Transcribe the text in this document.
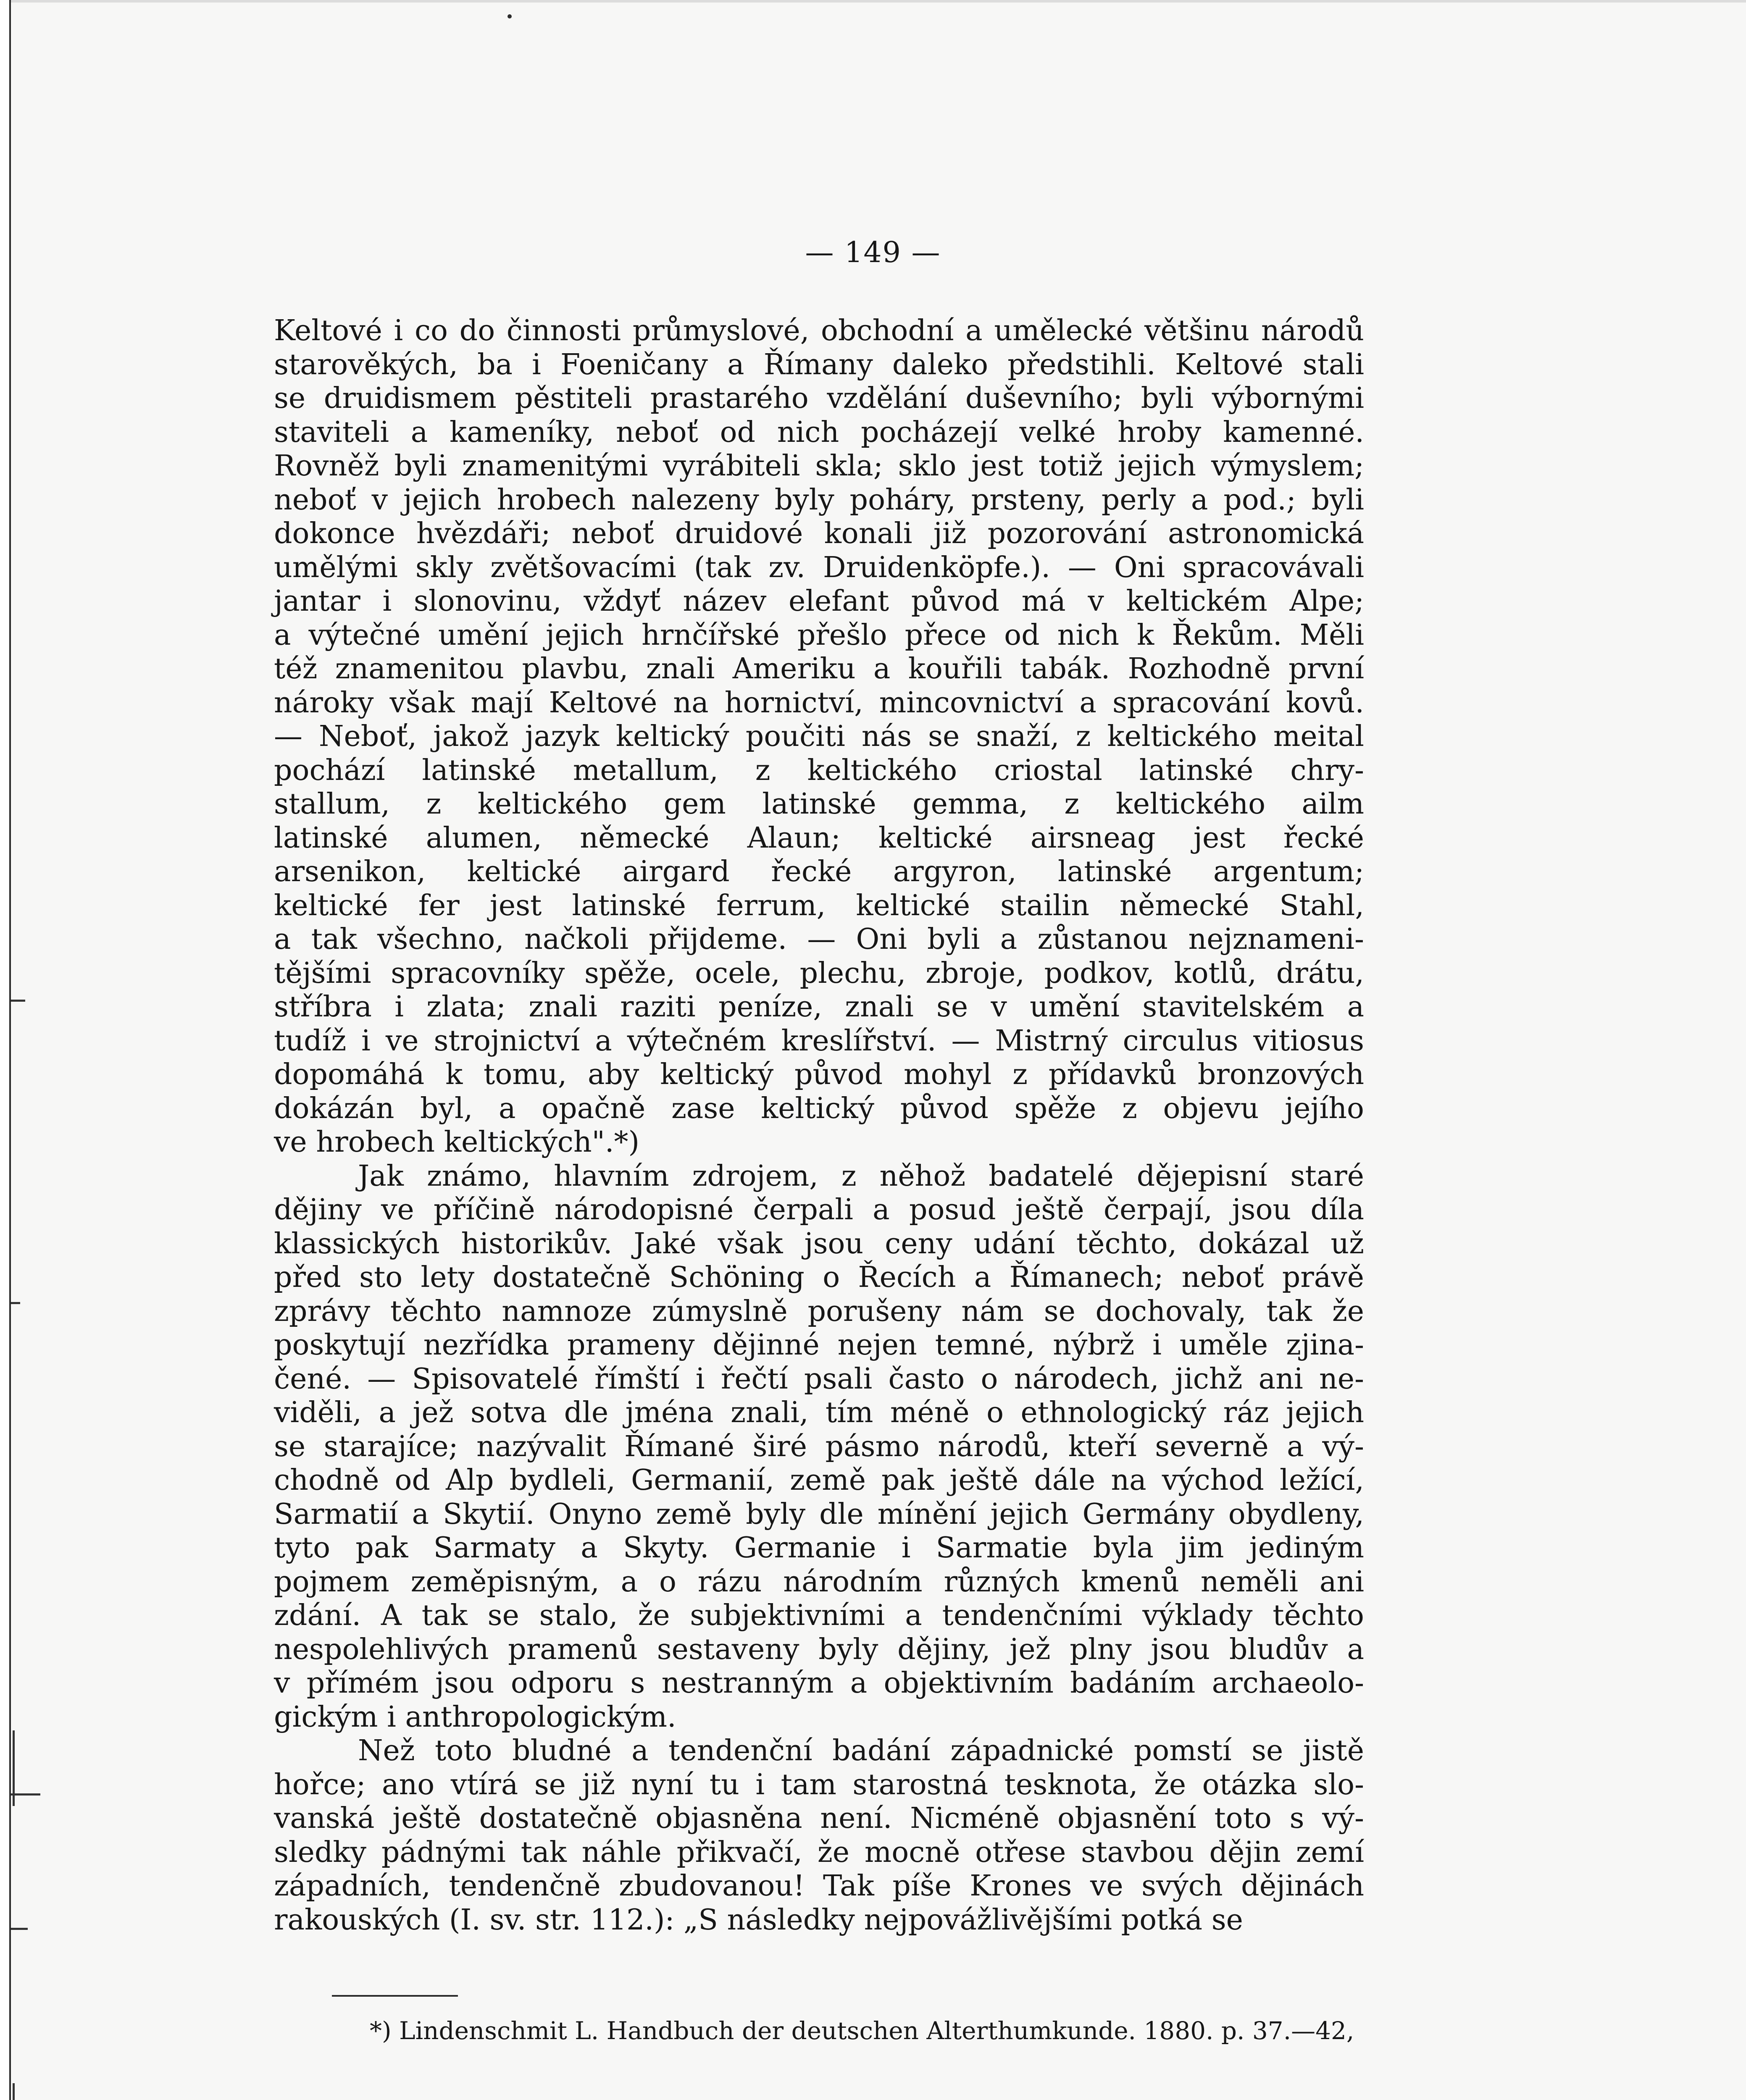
— 149 —
Keltové i co do činnosti průmyslové, obchodní a umělecké většinu národů
starověkých, ba i Foeničany a Římany daleko předstihli. Keltové stali
se druidismem pěstiteli prastarého vzdělání duševního; byli výbornými
staviteli a kameníky, neboť od nich pocházejí velké hroby kamenné.
Rovněž byli znamenitými vyrábiteli skla; sklo jest totiž jejich výmyslem;
neboť v jejich hrobech nalezeny byly poháry, prsteny, perly a pod.; byli
dokonce hvězdáři; neboť druidové konali již pozorování astronomická
umělými skly zvětšovacími (tak zv. Druidenköpfe.). — Oni spracovávali
jantar i slonovinu, vždyť název elefant původ má v keltickém Alpe;
a výtečné umění jejich hrnčířské přešlo přece od nich k Řekům. Měli
též znamenitou plavbu, znali Ameriku a kouřili tabák. Rozhodně první
nároky však mají Keltové na hornictví, mincovnictví a spracování kovů.
— Neboť, jakož jazyk keltický poučiti nás se snaží, z keltického meital
pochází latinské metallum, z keltického criostal latinské chry-
stallum, z keltického gem latinské gemma, z keltického ailm
latinské alumen, německé Alaun; keltické airsneag jest řecké
arsenikon, keltické airgard řecké argyron, latinské argentum;
keltické fer jest latinské ferrum, keltické stailin německé Stahl,
a tak všechno, načkoli přijdeme. — Oni byli a zůstanou nejznameni-
tějšími spracovníky spěže, ocele, plechu, zbroje, podkov, kotlů, drátu,
stříbra i zlata; znali raziti peníze, znali se v umění stavitelském a
tudíž i ve strojnictví a výtečném kreslířství. — Mistrný circulus vitiosus
dopomáhá k tomu, aby keltický původ mohyl z přídavků bronzových
dokázán byl, a opačně zase keltický původ spěže z objevu jejího
ve hrobech keltických".*)
Jak známo, hlavním zdrojem, z něhož badatelé dějepisní staré
dějiny ve příčině národopisné čerpali a posud ještě čerpají, jsou díla
klassických historikův. Jaké však jsou ceny udání těchto, dokázal už
před sto lety dostatečně Schöning o Řecích a Římanech; neboť právě
zprávy těchto namnoze zúmyslně porušeny nám se dochovaly, tak že
poskytují nezřídka prameny dějinné nejen temné, nýbrž i uměle zjina-
čené. — Spisovatelé římští i řečtí psali často o národech, jichž ani ne-
viděli, a jež sotva dle jména znali, tím méně o ethnologický ráz jejich
se starajíce; nazývalit Římané širé pásmo národů, kteří severně a vý-
chodně od Alp bydleli, Germanií, země pak ještě dále na východ ležící,
Sarmatií a Skytií. Onyno země byly dle mínění jejich Germány obydleny,
tyto pak Sarmaty a Skyty. Germanie i Sarmatie byla jim jediným
pojmem zeměpisným, a o rázu národním různých kmenů neměli ani
zdání. A tak se stalo, že subjektivními a tendenčními výklady těchto
nespolehlivých pramenů sestaveny byly dějiny, jež plny jsou bludův a
v přímém jsou odporu s nestranným a objektivním badáním archaeolo-
gickým i anthropologickým.
Než toto bludné a tendenční badání západnické pomstí se jistě
hořce; ano vtírá se již nyní tu i tam starostná tesknota, že otázka slo-
vanská ještě dostatečně objasněna není. Nicméně objasnění toto s vý-
sledky pádnými tak náhle přikvačí, že mocně otřese stavbou dějin zemí
západních, tendenčně zbudovanou! Tak píše Krones ve svých dějinách
rakouských (I. sv. str. 112.): „S následky nejpovážlivějšími potká se
*) Lindenschmit L. Handbuch der deutschen Alterthumkunde. 1880. p. 37.—42,
